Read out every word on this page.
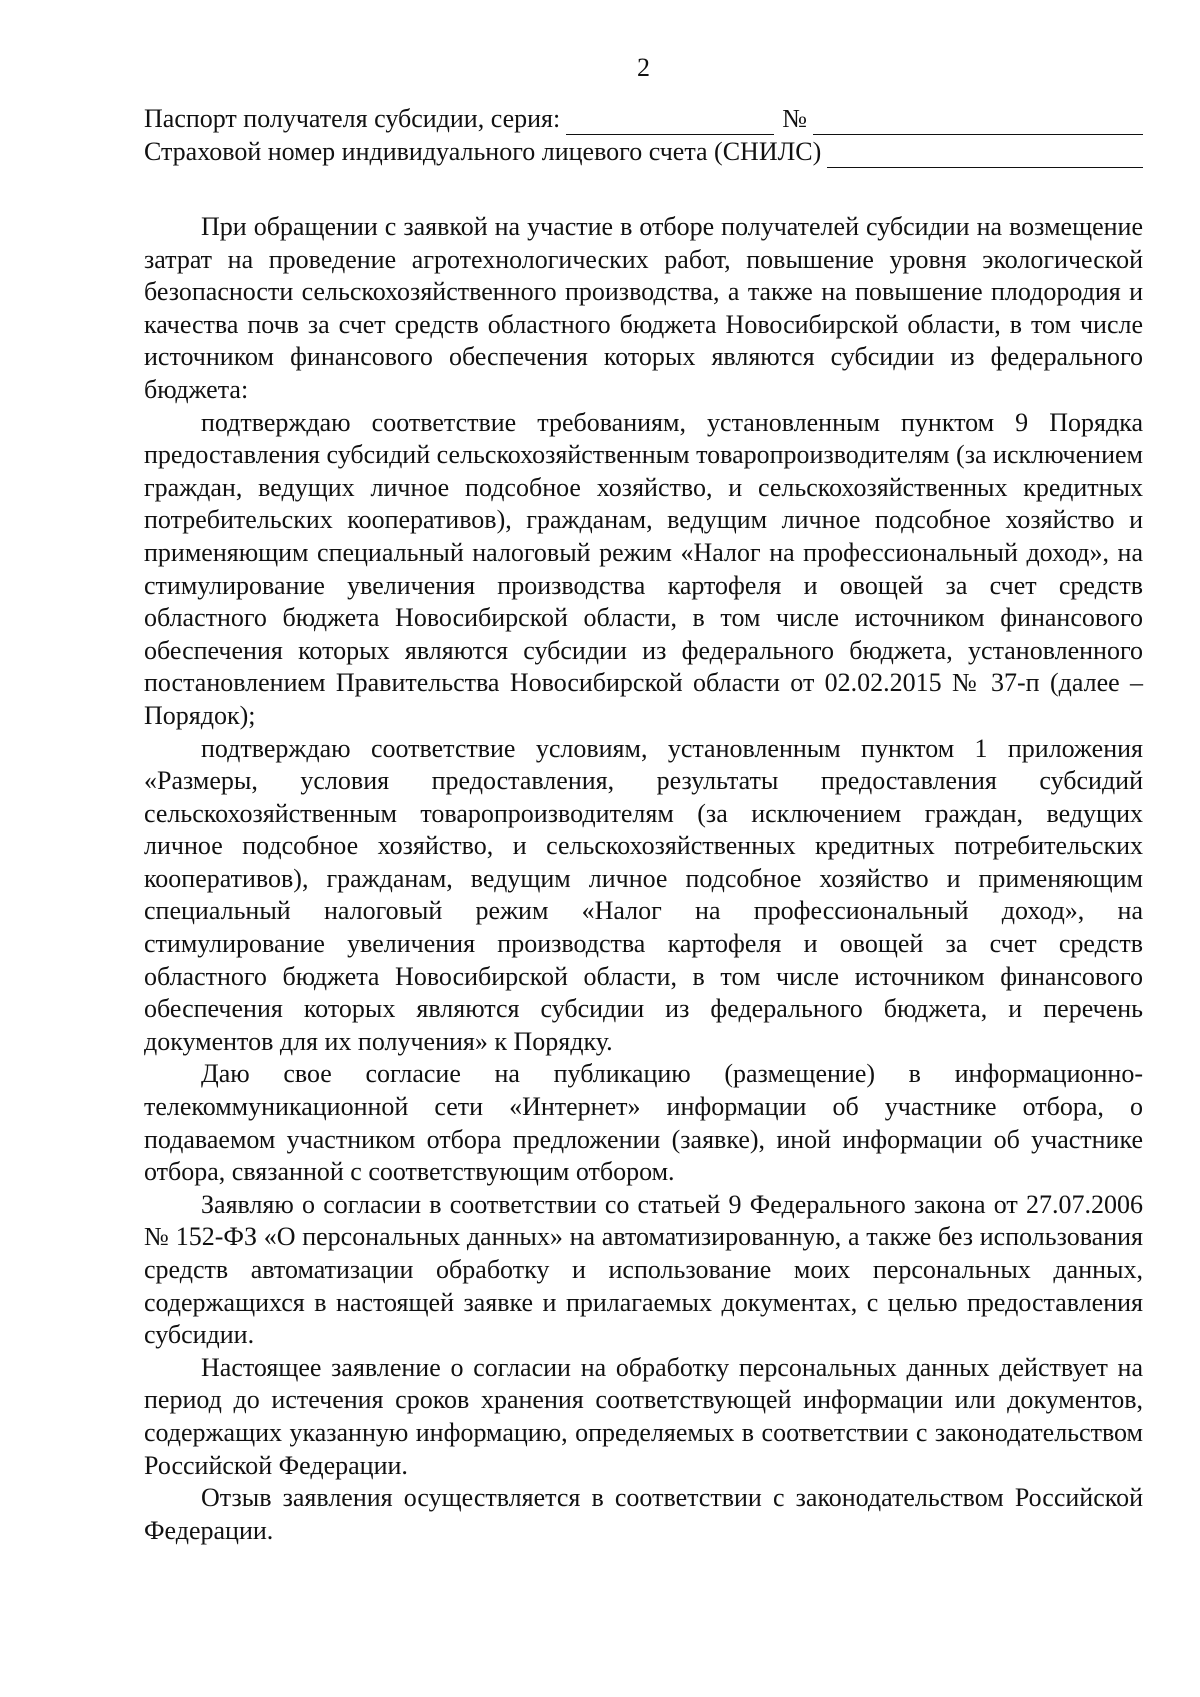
2
Паспорт получателя субсидии, серия:	№
Страховой номер индивидуального лицевого счета (СНИЛС)

При обращении с заявкой на участие в отборе получателей субсидии на возмещение затрат на проведение агротехнологических работ, повышение уровня экологической безопасности сельскохозяйственного производства, а также на повышение плодородия и качества почв за счет средств областного бюджета Новосибирской области, в том числе источником финансового обеспечения которых являются субсидии из федерального бюджета:

подтверждаю соответствие требованиям, установленным пунктом 9 Порядка предоставления субсидий сельскохозяйственным товаропроизводителям (за исключением граждан, ведущих личное подсобное хозяйство, и сельскохозяйственных кредитных потребительских кооперативов), гражданам, ведущим личное подсобное хозяйство и применяющим специальный налоговый режим «Налог на профессиональный доход», на стимулирование увеличения производства картофеля и овощей за счет средств областного бюджета Новосибирской области, в том числе источником финансового обеспечения которых являются субсидии из федерального бюджета, установленного постановлением Правительства Новосибирской области от 02.02.2015 № 37-п (далее – Порядок);

подтверждаю соответствие условиям, установленным пунктом 1 приложения «Размеры, условия предоставления, результаты предоставления субсидий сельскохозяйственным товаропроизводителям (за исключением граждан, ведущих личное подсобное хозяйство, и сельскохозяйственных кредитных потребительских кооперативов), гражданам, ведущим личное подсобное хозяйство и применяющим специальный налоговый режим «Налог на профессиональный доход», на стимулирование увеличения производства картофеля и овощей за счет средств областного бюджета Новосибирской области, в том числе источником финансового обеспечения которых являются субсидии из федерального бюджета, и перечень документов для их получения» к Порядку.

Даю свое согласие на публикацию (размещение) в информационно-телекоммуникационной сети «Интернет» информации об участнике отбора, о подаваемом участником отбора предложении (заявке), иной информации об участнике отбора, связанной с соответствующим отбором.

Заявляю о согласии в соответствии со статьей 9 Федерального закона от 27.07.2006 № 152-ФЗ «О персональных данных» на автоматизированную, а также без использования средств автоматизации обработку и использование моих персональных данных, содержащихся в настоящей заявке и прилагаемых документах, с целью предоставления субсидии.

Настоящее заявление о согласии на обработку персональных данных действует на период до истечения сроков хранения соответствующей информации или документов, содержащих указанную информацию, определяемых в соответствии с законодательством Российской Федерации.

Отзыв заявления осуществляется в соответствии с законодательством Российской Федерации.
